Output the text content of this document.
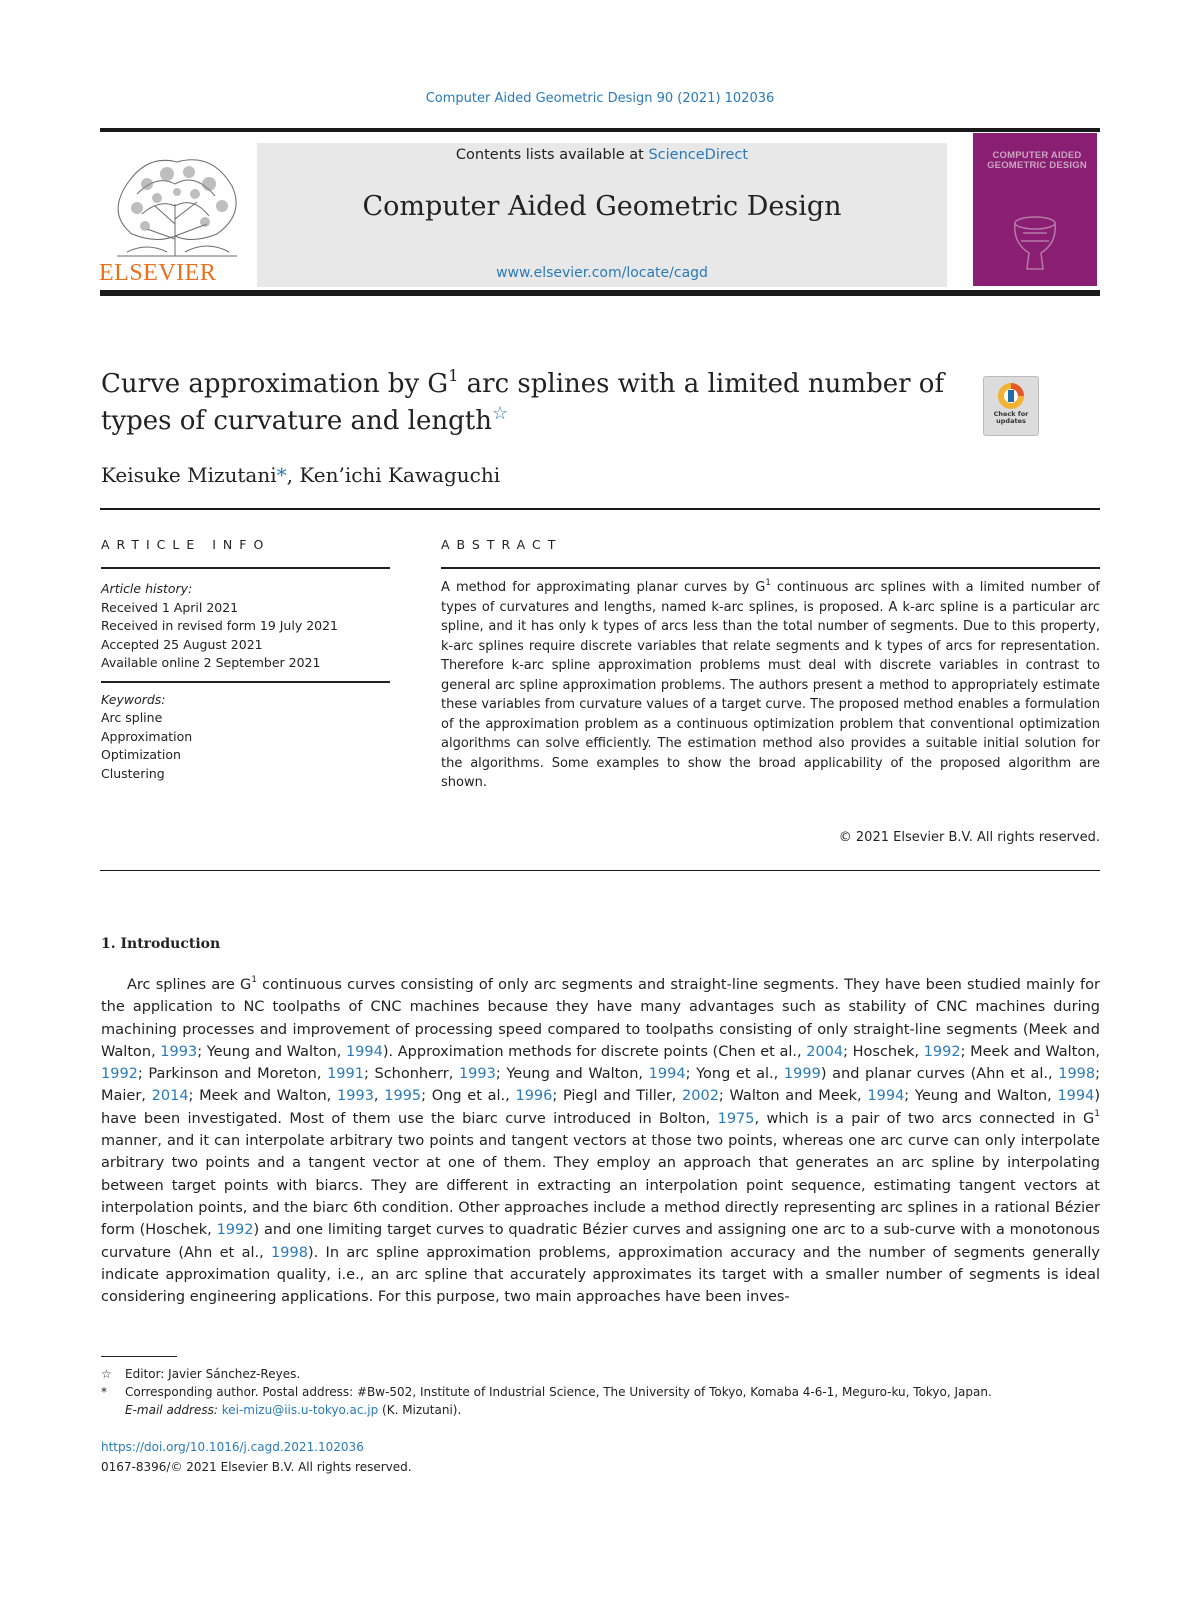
Computer Aided Geometric Design 90 (2021) 102036
ELSEVIER
Contents lists available at ScienceDirect
Computer Aided Geometric Design
www.elsevier.com/locate/cagd
COMPUTER AIDED GEOMETRIC DESIGN
Curve approximation by $G^1$ arc splines with a limited number of types of curvature and length☆	Check for updates
Keisuke Mizutani*, Ken’ichi Kawaguchi
ARTICLE INFO	ABSTRACT
Article history:
Received 1 April 2021
Received in revised form 19 July 2021
Accepted 25 August 2021
Available online 2 September 2021
Keywords:
Arc spline
Approximation
Optimization
Clustering
A method for approximating planar curves by $G^1$ continuous arc splines with a limited number of types of curvatures and lengths, named k-arc splines, is proposed. A k-arc spline is a particular arc spline, and it has only k types of arcs less than the total number of segments. Due to this property, k-arc splines require discrete variables that relate segments and k types of arcs for representation. Therefore k-arc spline approximation problems must deal with discrete variables in contrast to general arc spline approximation problems. The authors present a method to appropriately estimate these variables from curvature values of a target curve. The proposed method enables a formulation of the approximation problem as a continuous optimization problem that conventional optimization algorithms can solve efficiently. The estimation method also provides a suitable initial solution for the algorithms. Some examples to show the broad applicability of the proposed algorithm are shown.
© 2021 Elsevier B.V. All rights reserved.
1. Introduction

Arc splines are $G^1$ continuous curves consisting of only arc segments and straight-line segments. They have been studied mainly for the application to NC toolpaths of CNC machines because they have many advantages such as stability of CNC machines during machining processes and improvement of processing speed compared to toolpaths consisting of only straight-line segments (Meek and Walton, 1993; Yeung and Walton, 1994). Approximation methods for discrete points (Chen et al., 2004; Hoschek, 1992; Meek and Walton, 1992; Parkinson and Moreton, 1991; Schonherr, 1993; Yeung and Walton, 1994; Yong et al., 1999) and planar curves (Ahn et al., 1998; Maier, 2014; Meek and Walton, 1993, 1995; Ong et al., 1996; Piegl and Tiller, 2002; Walton and Meek, 1994; Yeung and Walton, 1994) have been investigated. Most of them use the biarc curve introduced in Bolton, 1975, which is a pair of two arcs connected in $G^1$ manner, and it can interpolate arbitrary two points and tangent vectors at those two points, whereas one arc curve can only interpolate arbitrary two points and a tangent vector at one of them. They employ an approach that generates an arc spline by interpolating between target points with biarcs. They are different in extracting an interpolation point sequence, estimating tangent vectors at interpolation points, and the biarc 6th condition. Other approaches include a method directly representing arc splines in a rational Bézier form (Hoschek, 1992) and one limiting target curves to quadratic Bézier curves and assigning one arc to a sub-curve with a monotonous curvature (Ahn et al., 1998). In arc spline approximation problems, approximation accuracy and the number of segments generally indicate approximation quality, i.e., an arc spline that accurately approximates its target with a smaller number of segments is ideal considering engineering applications. For this purpose, two main approaches have been inves-

☆ Editor: Javier Sánchez-Reyes.
* Corresponding author. Postal address: #Bw-502, Institute of Industrial Science, The University of Tokyo, Komaba 4-6-1, Meguro-ku, Tokyo, Japan.
E-mail address: kei-mizu@iis.u-tokyo.ac.jp (K. Mizutani).
https://doi.org/10.1016/j.cagd.2021.102036
0167-8396/© 2021 Elsevier B.V. All rights reserved.
